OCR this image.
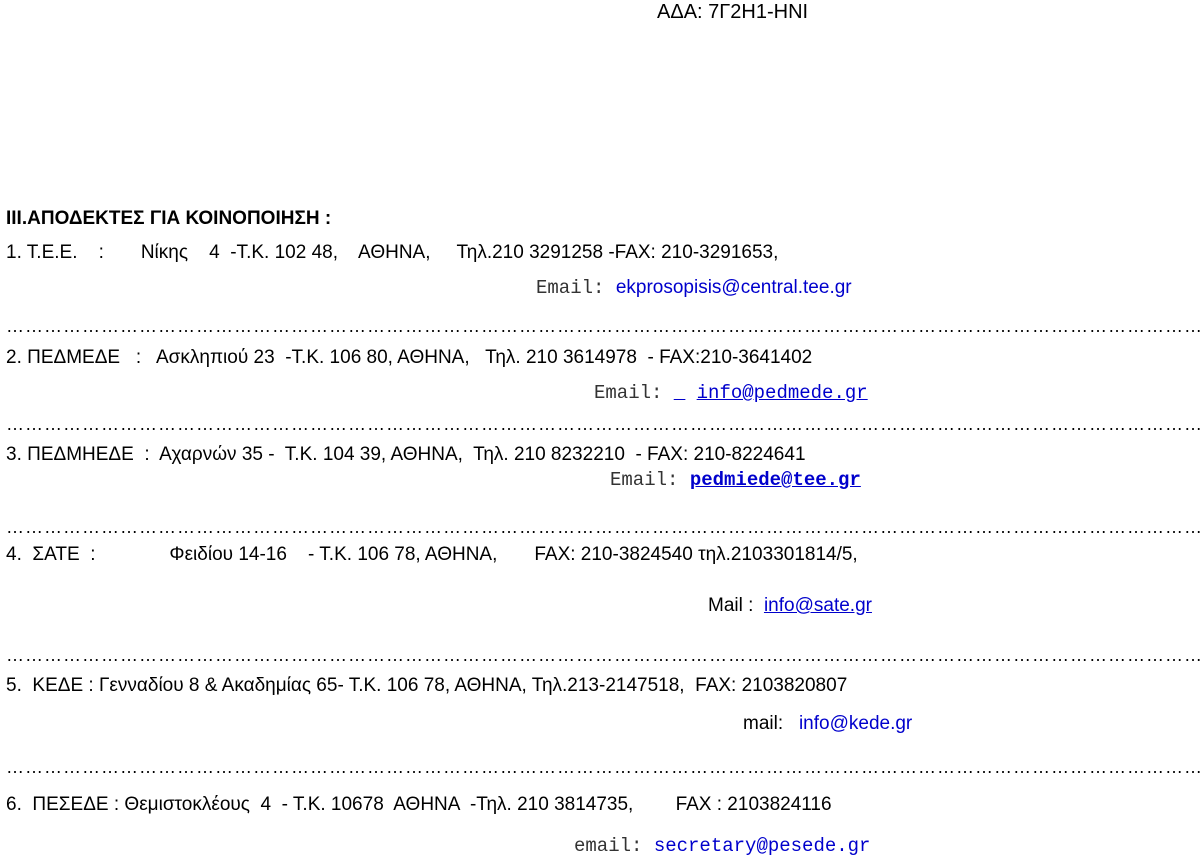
ΑΔΑ: 7Γ2Η1-ΗΝΙ
ΙΙΙ.ΑΠΟΔΕΚΤΕΣ ΓΙΑ ΚΟΙΝΟΠΟΙΗΣΗ :
1. Τ.Ε.Ε.    :       Νίκης    4  -Τ.Κ. 102 48,    ΑΘΗΝΑ,     Τηλ.210 3291258 -FAX: 210-3291653,
Email: ekprosopisis@central.tee.gr
………………………………………………………………………………………………………………………………………………………………………
2. ΠΕΔΜΕΔΕ   :   Ασκληπιού 23  -Τ.Κ. 106 80, ΑΘΗΝΑ,   Τηλ. 210 3614978  - FAX:210-3641402
Email: _ info@pedmede.gr
………………………………………………………………………………………………………………………………………………………………………
3. ΠΕΔΜΗΕΔΕ  :  Αχαρνών 35 -  Τ.Κ. 104 39, ΑΘΗΝΑ,  Τηλ. 210 8232210  - FAX: 210-8224641
Email: pedmiede@tee.gr
………………………………………………………………………………………………………………………………………………………………………
4.  ΣΑΤΕ  :              Φειδίου 14-16    - Τ.Κ. 106 78, ΑΘΗΝΑ,       FAX: 210-3824540 τηλ.2103301814/5,
Mail :  info@sate.gr
………………………………………………………………………………………………………………………………………………………………………
5.  ΚΕΔΕ : Γενναδίου 8 & Ακαδημίας 65- Τ.Κ. 106 78, ΑΘΗΝΑ, Τηλ.213-2147518,  FAX: 2103820807
mail:   info@kede.gr
………………………………………………………………………………………………………………………………………………………………………
6.  ΠΕΣΕΔΕ : Θεμιστοκλέους  4  - Τ.Κ. 10678  ΑΘΗΝΑ  -Τηλ. 210 3814735,        FAX : 2103824116
email: secretary@pesede.gr
